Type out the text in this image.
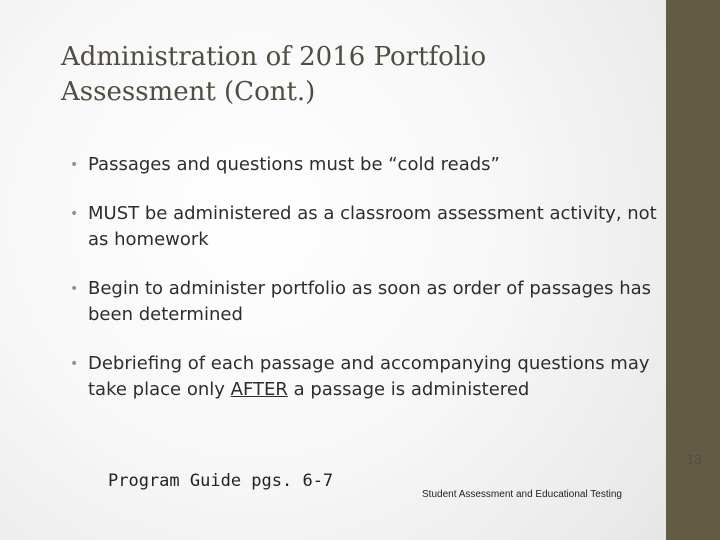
Administration of 2016 Portfolio
Assessment (Cont.)
• Passages and questions must be “cold reads”
• MUST be administered as a classroom assessment activity, not as homework
• Begin to administer portfolio as soon as order of passages has been determined
• Debriefing of each passage and accompanying questions may take place only AFTER a passage is administered
13
Program Guide pgs. 6-7
Student Assessment and Educational Testing
